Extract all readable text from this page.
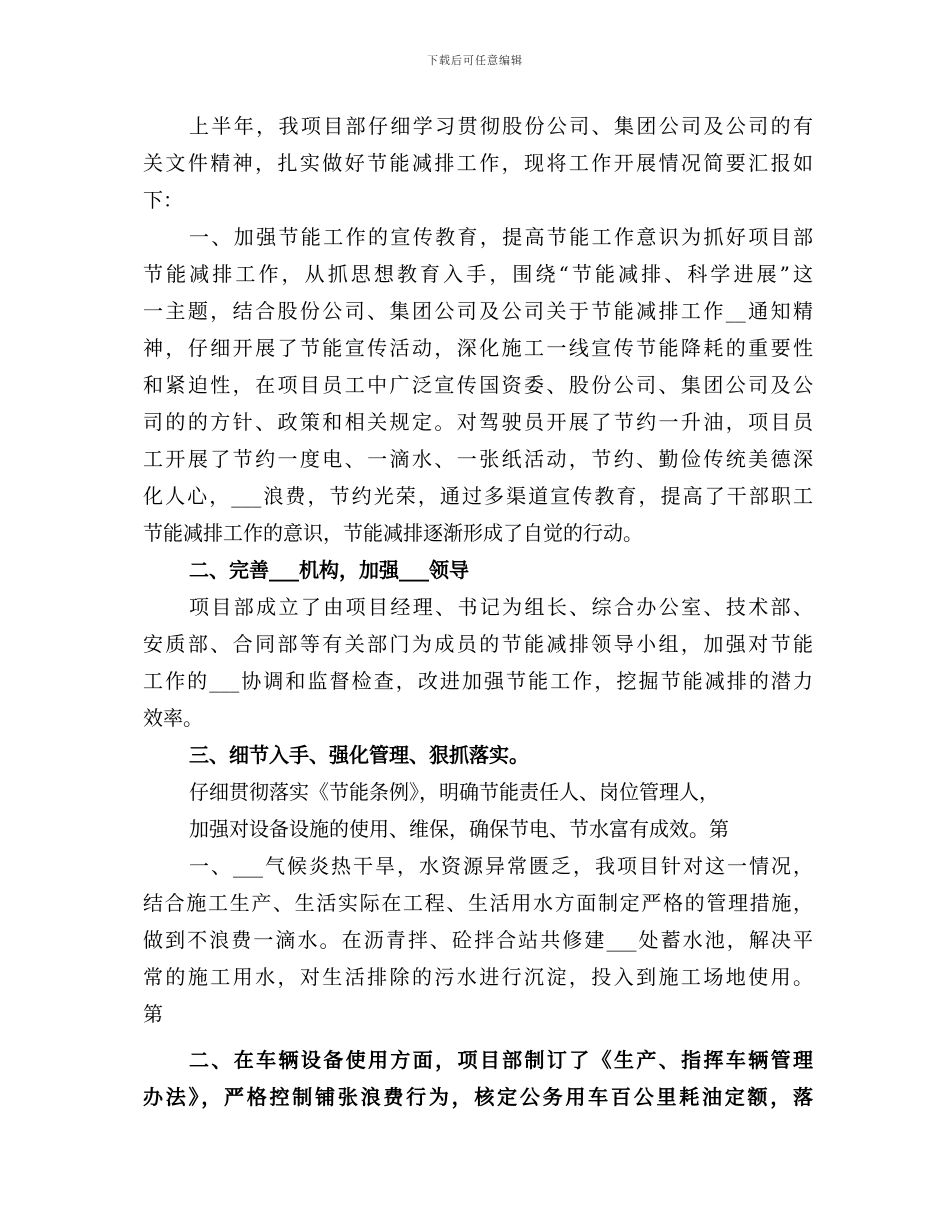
下载后可任意编辑
上半年，我项目部仔细学习贯彻股份公司、集团公司及公司的有
关文件精神，扎实做好节能减排工作，现将工作开展情况简要汇报如
下：
一、加强节能工作的宣传教育，提高节能工作意识为抓好项目部
节能减排工作，从抓思想教育入手，围绕“节能减排、科学进展”这
一主题，结合股份公司、集团公司及公司关于节能减排工作__通知精
神，仔细开展了节能宣传活动，深化施工一线宣传节能降耗的重要性
和紧迫性，在项目员工中广泛宣传国资委、股份公司、集团公司及公
司的的方针、政策和相关规定。对驾驶员开展了节约一升油，项目员
工开展了节约一度电、一滴水、一张纸活动，节约、勤俭传统美德深
化人心，___浪费，节约光荣，通过多渠道宣传教育，提高了干部职工
节能减排工作的意识，节能减排逐渐形成了自觉的行动。
二、完善___机构，加强___领导
项目部成立了由项目经理、书记为组长、综合办公室、技术部、
安质部、合同部等有关部门为成员的节能减排领导小组，加强对节能
工作的___协调和监督检查，改进加强节能工作，挖掘节能减排的潜力
效率。
三、细节入手、强化管理、狠抓落实。
仔细贯彻落实《节能条例》，明确节能责任人、岗位管理人，
加强对设备设施的使用、维保，确保节电、节水富有成效。第
一、___气候炎热干旱，水资源异常匮乏，我项目针对这一情况，
结合施工生产、生活实际在工程、生活用水方面制定严格的管理措施，
做到不浪费一滴水。在沥青拌、砼拌合站共修建___处蓄水池，解决平
常的施工用水，对生活排除的污水进行沉淀，投入到施工场地使用。
第
二、在车辆设备使用方面，项目部制订了《生产、指挥车辆管理
办法》，严格控制铺张浪费行为，核定公务用车百公里耗油定额，落
